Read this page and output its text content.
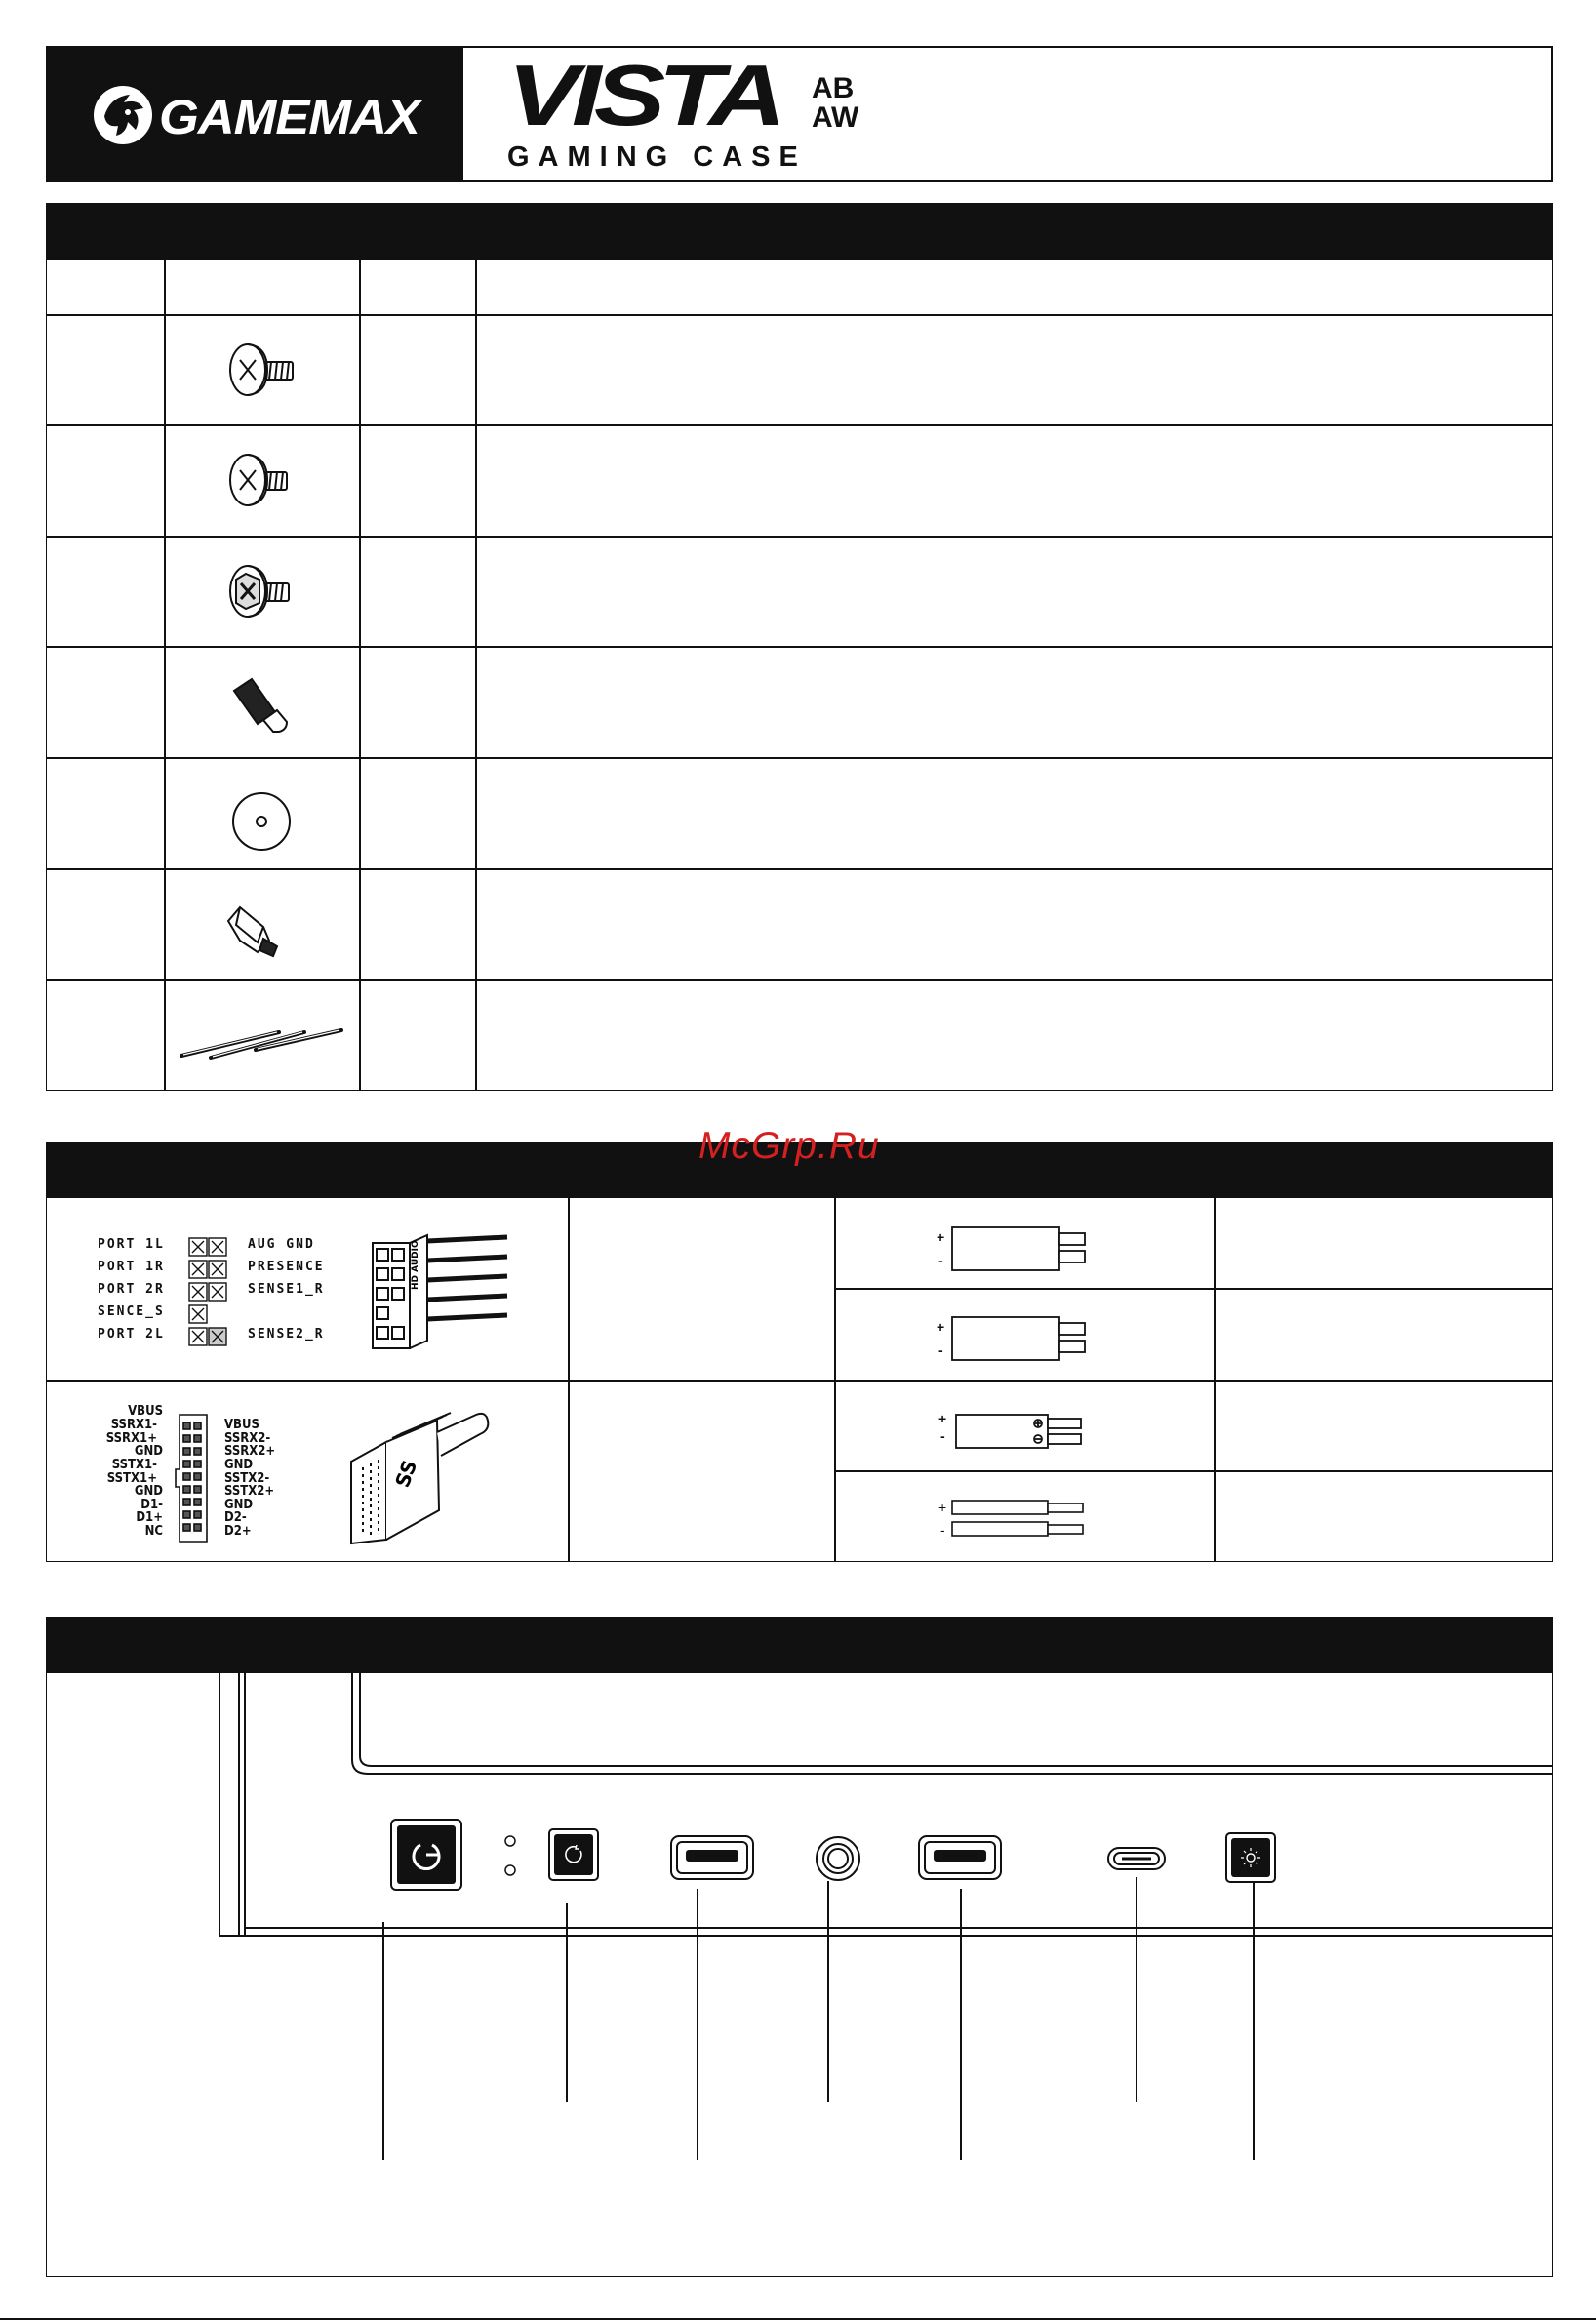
GAMEMAX VISTA AB
AW
GAMING CASE
McGrp.Ru
PORT 1L
PORT 1R
PORT 2R
SENCE_S
PORT 2L
AUG GND
PRESENCE
SENSE1_R
SENSE2_R
HD AUDIO
VBUS
SSRX1-
SSRX1+
GND
SSTX1-
SSTX1+
GND
D1-
D1+
NC
VBUS
SSRX2-
SSRX2+
GND
SSTX2-
SSTX2+
GND
D2-
D2+
SS
+
-
+
-
+
-
+
-
